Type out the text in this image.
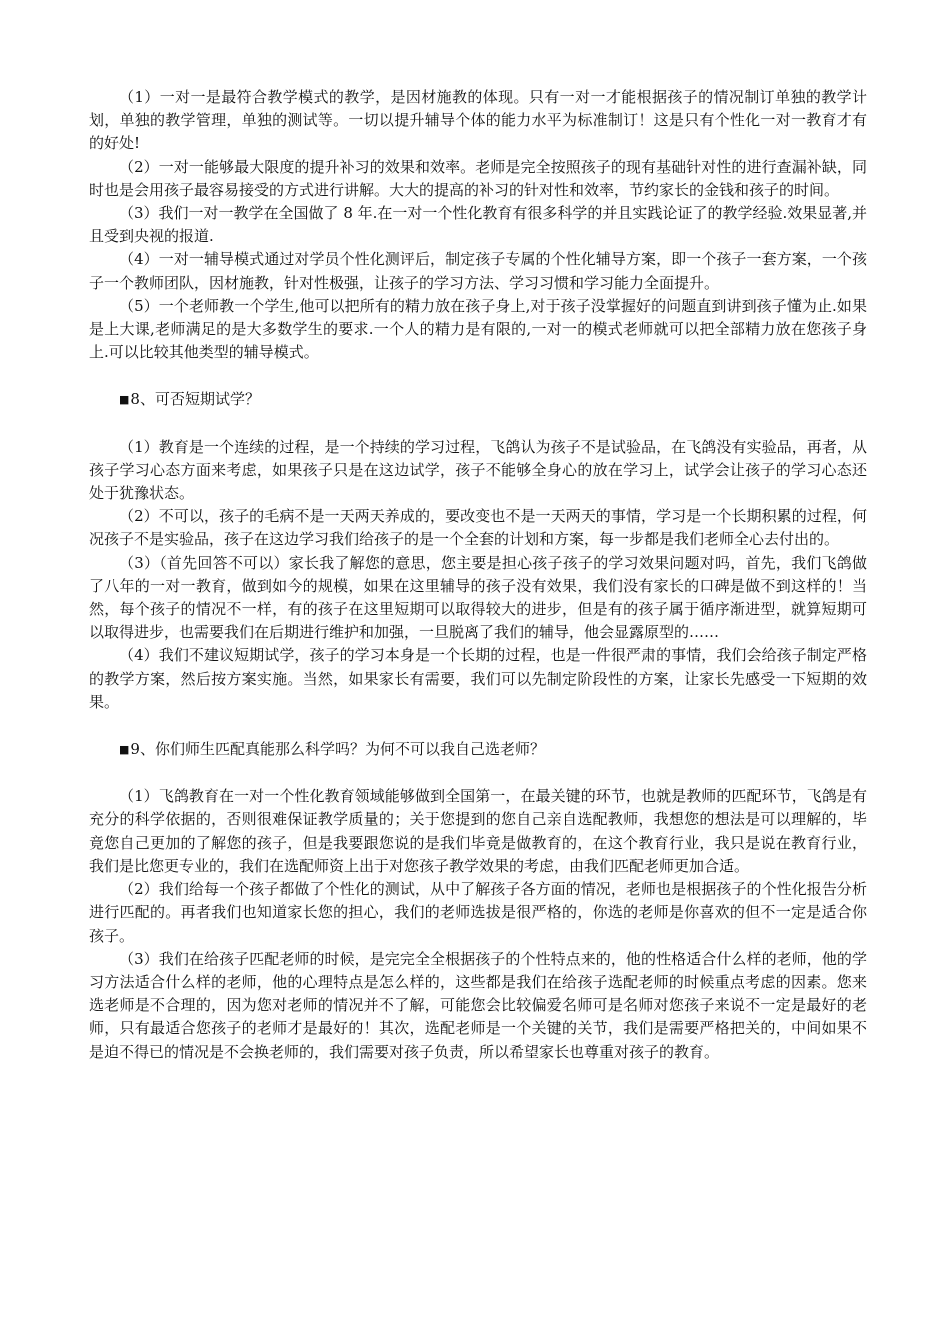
（1）一对一是最符合教学模式的教学，是因材施教的体现。只有一对一才能根据孩子的情况制订单独的教学计划，单独的教学管理，单独的测试等。一切以提升辅导个体的能力水平为标准制订！这是只有个性化一对一教育才有的好处!

（2）一对一能够最大限度的提升补习的效果和效率。老师是完全按照孩子的现有基础针对性的进行查漏补缺，同时也是会用孩子最容易接受的方式进行讲解。大大的提高的补习的针对性和效率，节约家长的金钱和孩子的时间。

（3）我们一对一教学在全国做了 8 年.在一对一个性化教育有很多科学的并且实践论证了的教学经验.效果显著,并且受到央视的报道.

（4）一对一辅导模式通过对学员个性化测评后，制定孩子专属的个性化辅导方案，即一个孩子一套方案，一个孩子一个教师团队，因材施教，针对性极强，让孩子的学习方法、学习习惯和学习能力全面提升。

（5）一个老师教一个学生,他可以把所有的精力放在孩子身上,对于孩子没掌握好的问题直到讲到孩子懂为止.如果是上大课,老师满足的是大多数学生的要求.一个人的精力是有限的,一对一的模式老师就可以把全部精力放在您孩子身上.可以比较其他类型的辅导模式。

■8、可否短期试学？

（1）教育是一个连续的过程，是一个持续的学习过程，飞鸽认为孩子不是试验品，在飞鸽没有实验品，再者，从孩子学习心态方面来考虑，如果孩子只是在这边试学，孩子不能够全身心的放在学习上，试学会让孩子的学习心态还处于犹豫状态。

（2）不可以，孩子的毛病不是一天两天养成的，要改变也不是一天两天的事情，学习是一个长期积累的过程，何况孩子不是实验品，孩子在这边学习我们给孩子的是一个全套的计划和方案，每一步都是我们老师全心去付出的。

（3）（首先回答不可以）家长我了解您的意思，您主要是担心孩子孩子的学习效果问题对吗，首先，我们飞鸽做了八年的一对一教育，做到如今的规模，如果在这里辅导的孩子没有效果，我们没有家长的口碑是做不到这样的！当然，每个孩子的情况不一样，有的孩子在这里短期可以取得较大的进步，但是有的孩子属于循序渐进型，就算短期可以取得进步，也需要我们在后期进行维护和加强，一旦脱离了我们的辅导，他会显露原型的……

（4）我们不建议短期试学，孩子的学习本身是一个长期的过程，也是一件很严肃的事情，我们会给孩子制定严格的教学方案，然后按方案实施。当然，如果家长有需要，我们可以先制定阶段性的方案，让家长先感受一下短期的效果。

■9、你们师生匹配真能那么科学吗？为何不可以我自己选老师？

（1）飞鸽教育在一对一个性化教育领域能够做到全国第一，在最关键的环节，也就是教师的匹配环节，飞鸽是有充分的科学依据的，否则很难保证教学质量的；关于您提到的您自己亲自选配教师，我想您的想法是可以理解的，毕竟您自己更加的了解您的孩子，但是我要跟您说的是我们毕竟是做教育的，在这个教育行业，我只是说在教育行业，我们是比您更专业的，我们在选配师资上出于对您孩子教学效果的考虑，由我们匹配老师更加合适。

（2）我们给每一个孩子都做了个性化的测试，从中了解孩子各方面的情况，老师也是根据孩子的个性化报告分析进行匹配的。再者我们也知道家长您的担心，我们的老师选拔是很严格的，你选的老师是你喜欢的但不一定是适合你孩子。

（3）我们在给孩子匹配老师的时候，是完完全全根据孩子的个性特点来的，他的性格适合什么样的老师，他的学习方法适合什么样的老师，他的心理特点是怎么样的，这些都是我们在给孩子选配老师的时候重点考虑的因素。您来选老师是不合理的，因为您对老师的情况并不了解，可能您会比较偏爱名师可是名师对您孩子来说不一定是最好的老师，只有最适合您孩子的老师才是最好的！其次，选配老师是一个关键的关节，我们是需要严格把关的，中间如果不是迫不得已的情况是不会换老师的，我们需要对孩子负责，所以希望家长也尊重对孩子的教育。
